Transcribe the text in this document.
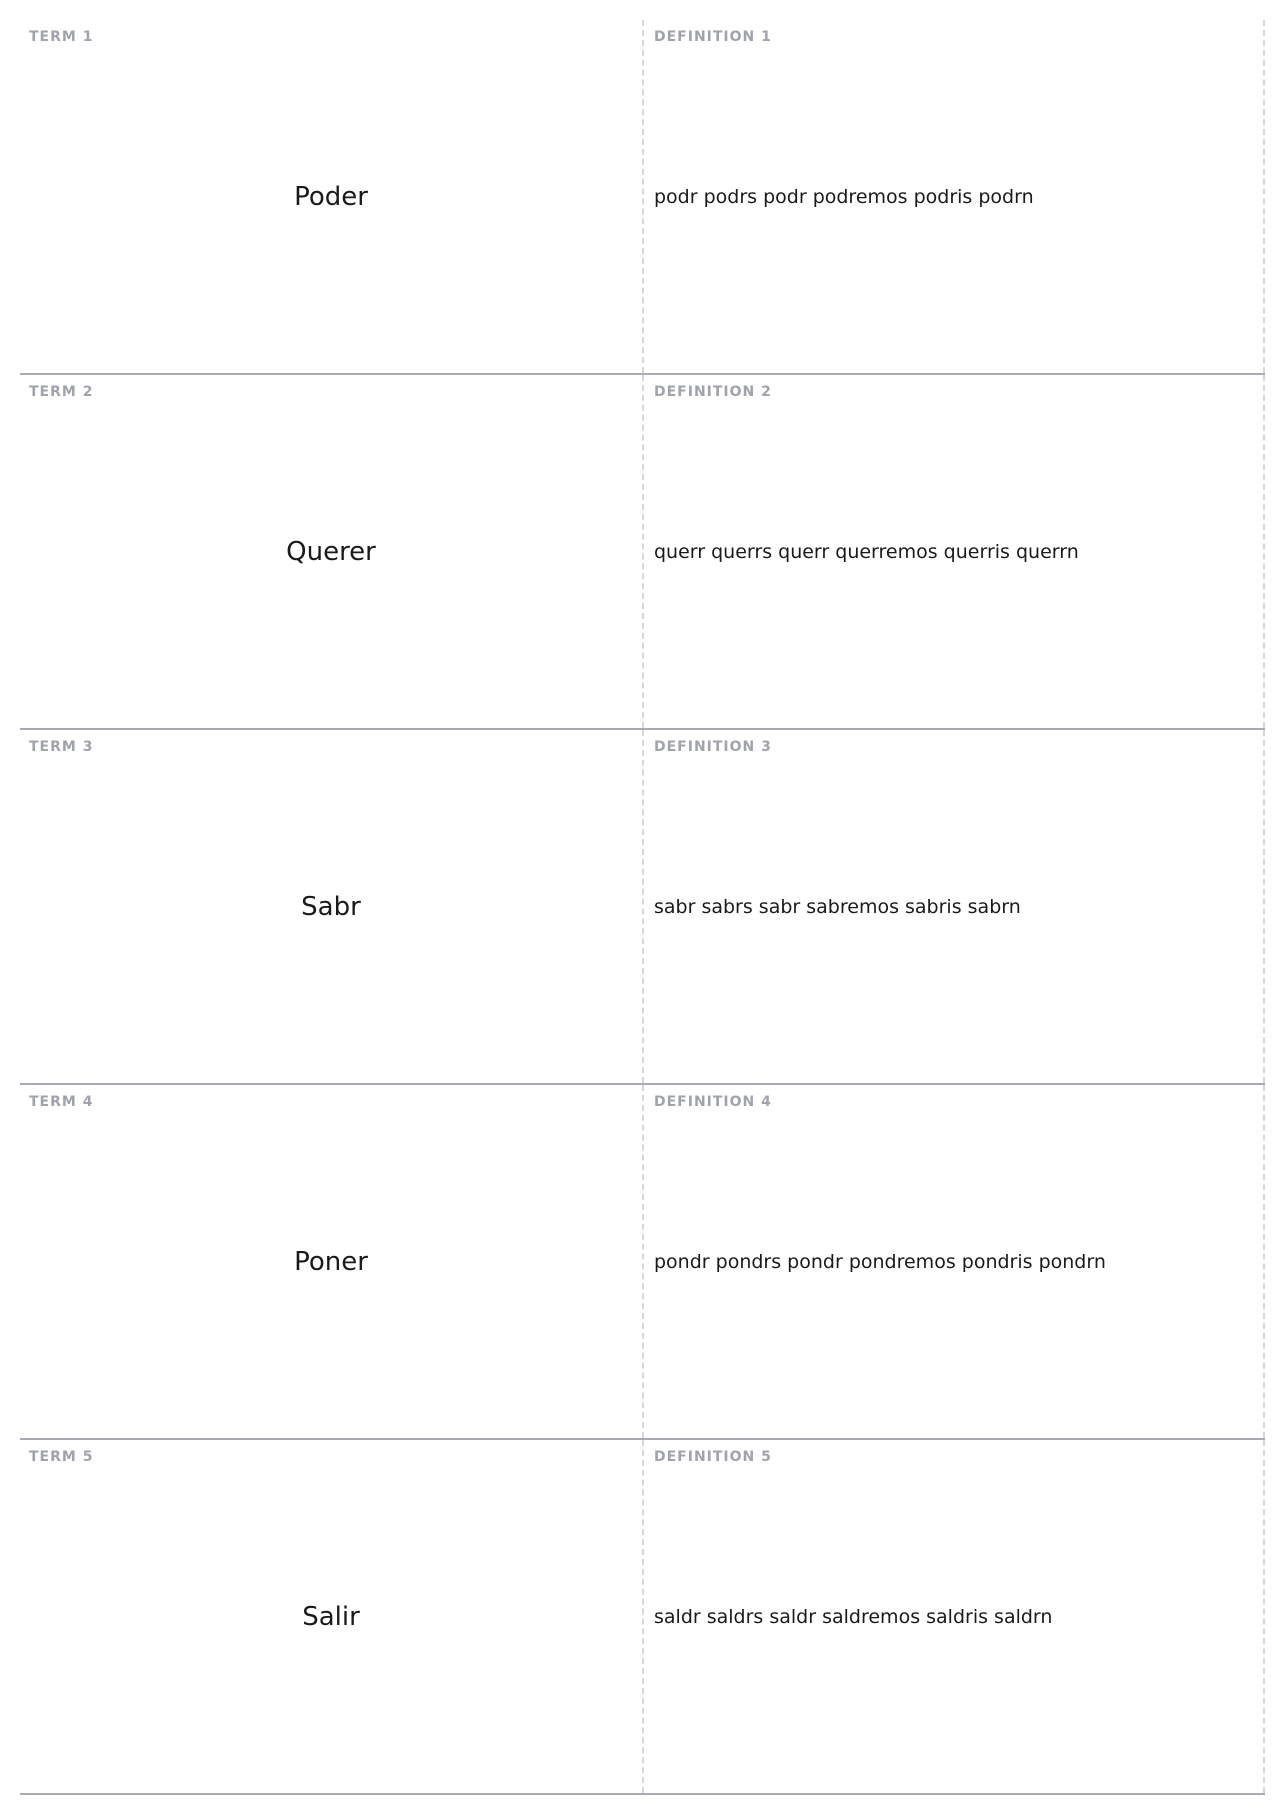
TERM 1
Poder
DEFINITION 1
podr podrs podr podremos podris podrn
TERM 2
Querer
DEFINITION 2
querr querrs querr querremos querris querrn
TERM 3
Sabr
DEFINITION 3
sabr sabrs sabr sabremos sabris sabrn
TERM 4
Poner
DEFINITION 4
pondr pondrs pondr pondremos pondris pondrn
TERM 5
Salir
DEFINITION 5
saldr saldrs saldr saldremos saldris saldrn
